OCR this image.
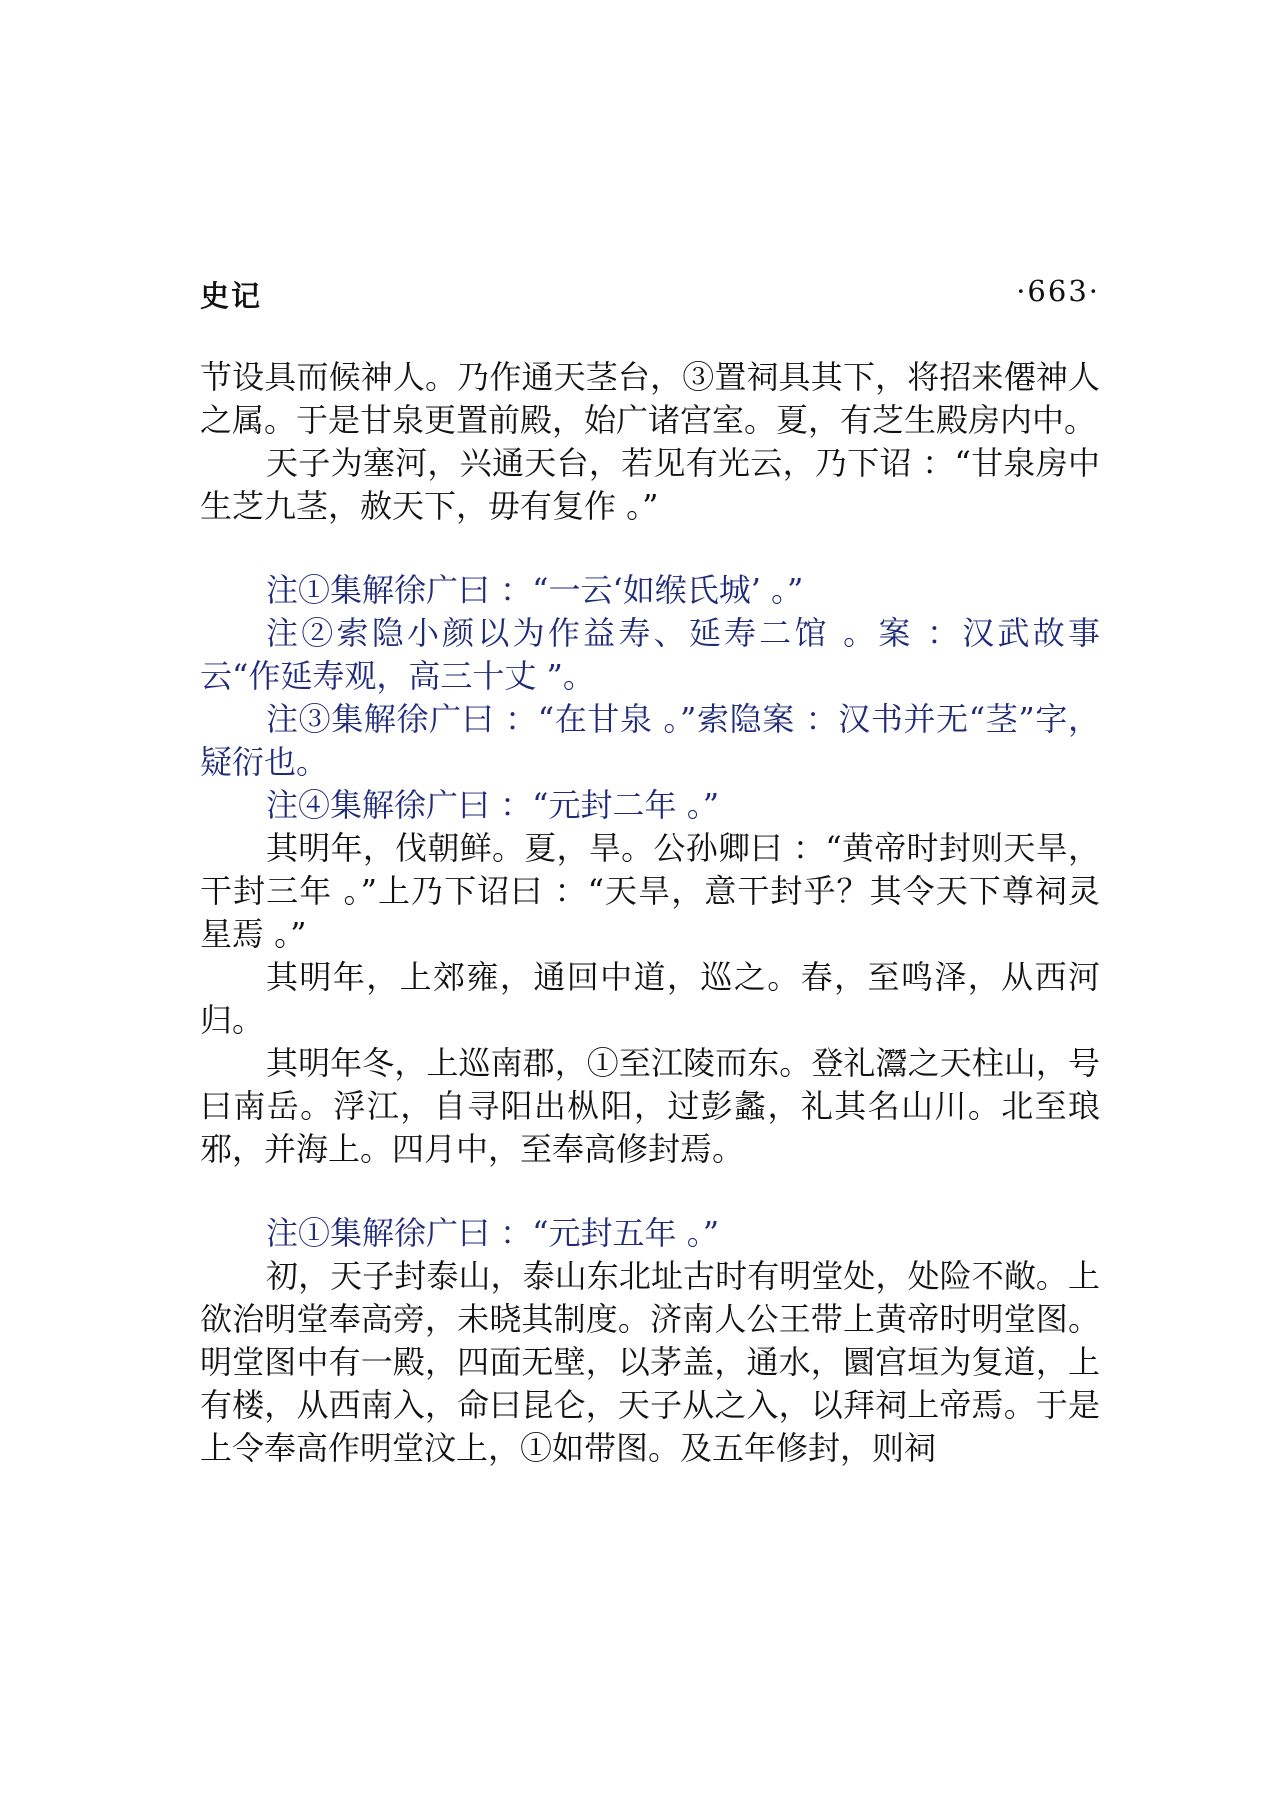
史记	·663·

节设具而候神人。乃作通天茎台，③置祠具其下，将招来僊神人之属。于是甘泉更置前殿，始广诸宫室。夏，有芝生殿房内中。

天子为塞河，兴通天台，若见有光云，乃下诏 ：“甘泉房中生芝九茎，赦天下，毋有复作 。”

注①集解徐广曰 ：“一云‘如缑氏城’ 。”

注②索隐小颜以为作益寿、延寿二馆 。案 ：汉武故事云“作延寿观，高三十丈 ”。

注③集解徐广曰 ：“在甘泉 。”索隐案 ：汉书并无“茎”字，疑衍也。

注④集解徐广曰 ：“元封二年 。”

其明年，伐朝鲜。夏，旱。公孙卿曰 ：“黄帝时封则天旱，干封三年 。”上乃下诏曰 ：“天旱，意干封乎？其令天下尊祠灵星焉 。”

其明年，上郊雍，通回中道，巡之。春，至鸣泽，从西河归。

其明年冬，上巡南郡，①至江陵而东。登礼灊之天柱山，号曰南岳。浮江，自寻阳出枞阳，过彭蠡，礼其名山川。北至琅邪，并海上。四月中，至奉高修封焉。

注①集解徐广曰 ：“元封五年 。”

初，天子封泰山，泰山东北址古时有明堂处，处险不敞。上欲治明堂奉高旁，未晓其制度。济南人公王带上黄帝时明堂图。明堂图中有一殿，四面无壁，以茅盖，通水，圜宫垣为复道，上有楼，从西南入，命曰昆仑，天子从之入，以拜祠上帝焉。于是上令奉高作明堂汶上，①如带图。及五年修封，则祠
